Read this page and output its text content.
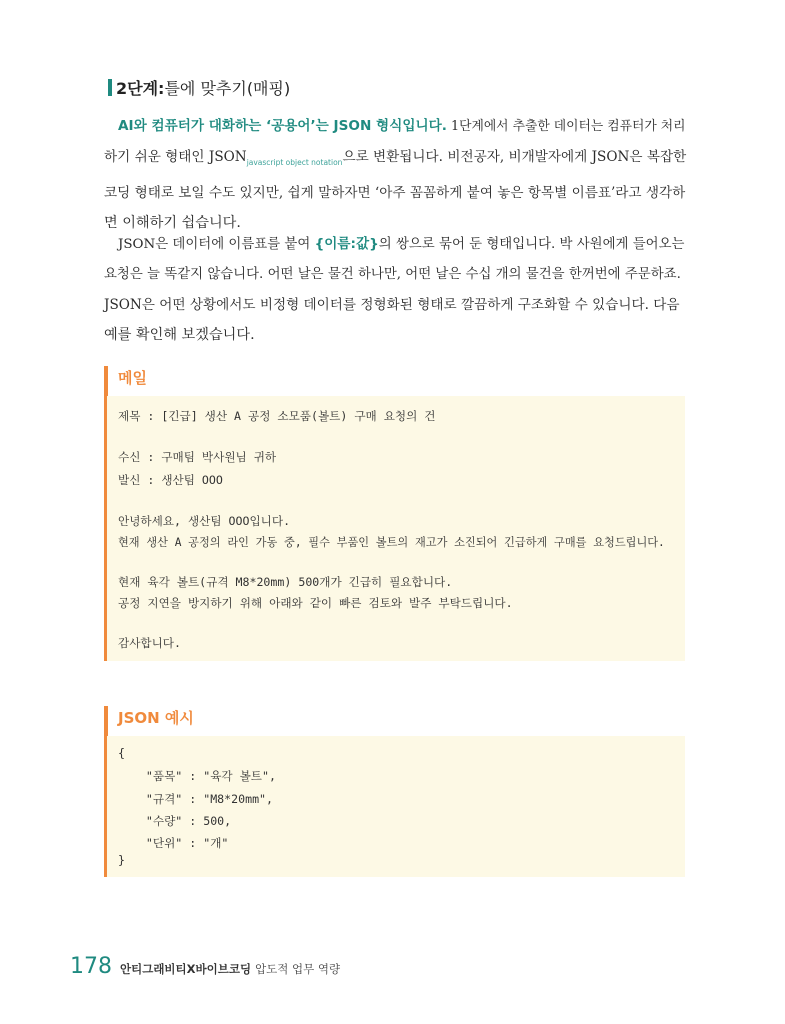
2단계: 틀에 맞추기(매핑)
AI와 컴퓨터가 대화하는 ‘공용어’는 JSON 형식입니다. 1단계에서 추출한 데이터는 컴퓨터가 처리
하기 쉬운 형태인 $JSON_{javascript object notation}$으로 변환됩니다. 비전공자, 비개발자에게 JSON은 복잡한
코딩 형태로 보일 수도 있지만, 쉽게 말하자면 ‘아주 꼼꼼하게 붙여 놓은 항목별 이름표’라고 생각하
면 이해하기 쉽습니다.
JSON은 데이터에 이름표를 붙여 {이름:값}의 쌍으로 묶어 둔 형태입니다. 박 사원에게 들어오는
요청은 늘 똑같지 않습니다. 어떤 날은 물건 하나만, 어떤 날은 수십 개의 물건을 한꺼번에 주문하죠.
JSON은 어떤 상황에서도 비정형 데이터를 정형화된 형태로 깔끔하게 구조화할 수 있습니다. 다음
예를 확인해 보겠습니다.
메일
제목 : [긴급] 생산 A 공정 소모품(볼트) 구매 요청의 건
수신 : 구매팀 박사원님 귀하
발신 : 생산팀 OOO
안녕하세요, 생산팀 OOO입니다.
현재 생산 A 공정의 라인 가동 중, 필수 부품인 볼트의 재고가 소진되어 긴급하게 구매를 요청드립니다.
현재 육각 볼트(규격 M8*20mm) 500개가 긴급히 필요합니다.
공정 지연을 방지하기 위해 아래와 같이 빠른 검토와 발주 부탁드립니다.
감사합니다.
JSON 예시
{
"품목" : "육각 볼트",
"규격" : "M8*20mm",
"수량" : 500,
"단위" : "개"
}
178 안티그래비티X바이브코딩 압도적 업무 역량
